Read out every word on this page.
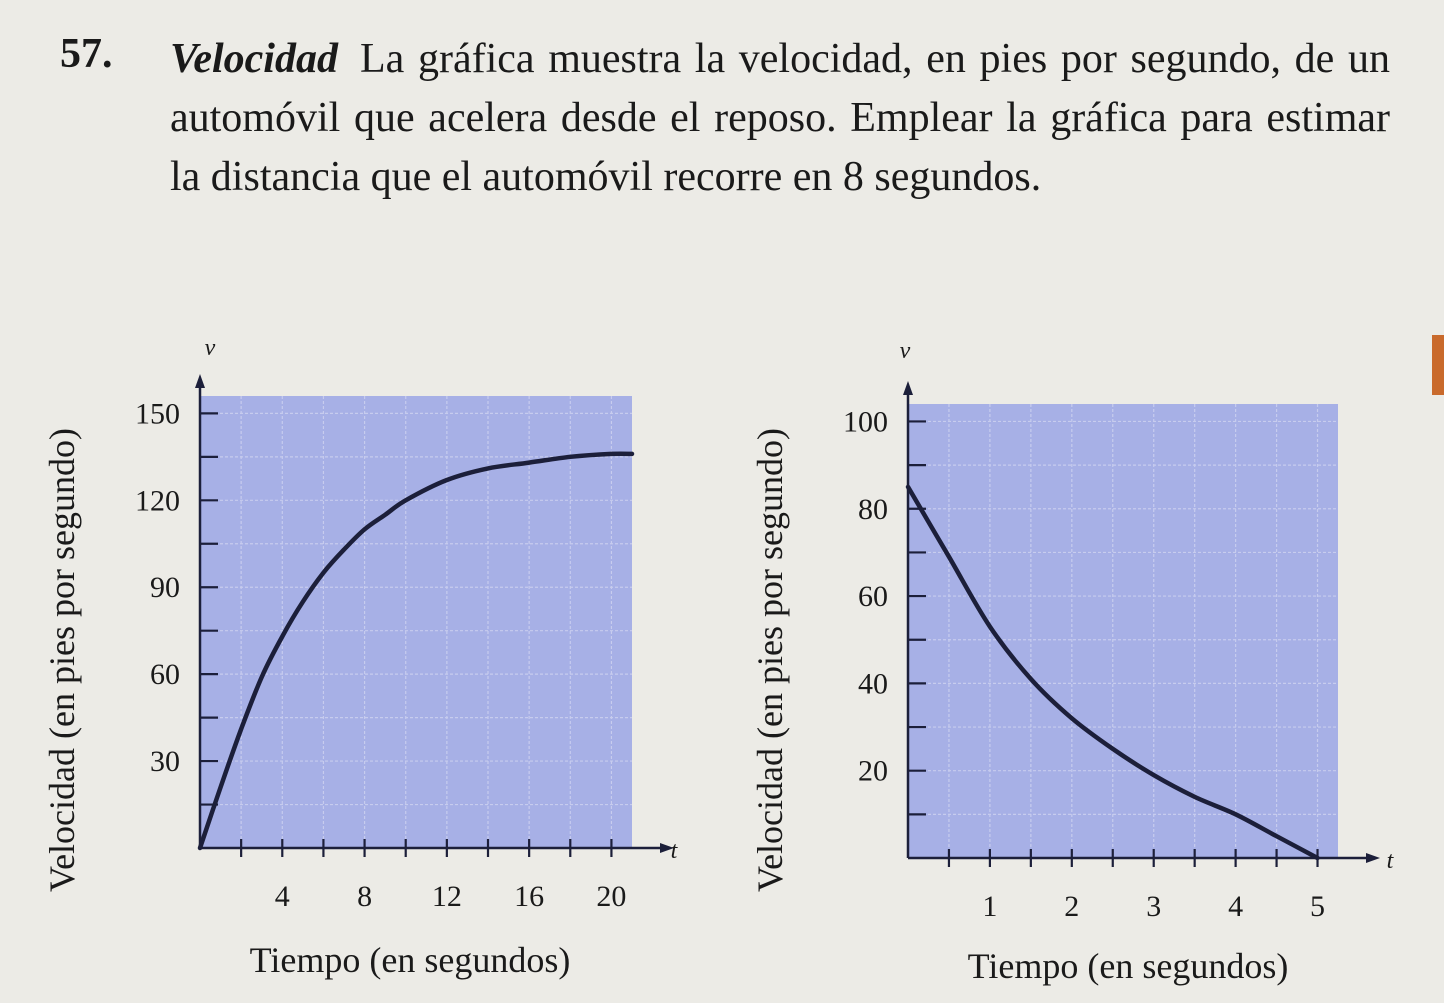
57. Velocidad La gráfica muestra la velocidad, en pies por segundo, de un automóvil que acelera desde el reposo. Emplear la gráfica para estimar la distancia que el automóvil recorre en 8 segundos.
30
60
90
120
150
4 8 12 16 20
v
t
Tiempo (en segundos)
Velocidad (en pies por segundo)	20
40
60
80
100
1 2 3 4 5
v
t
Tiempo (en segundos)
Velocidad (en pies por segundo)
